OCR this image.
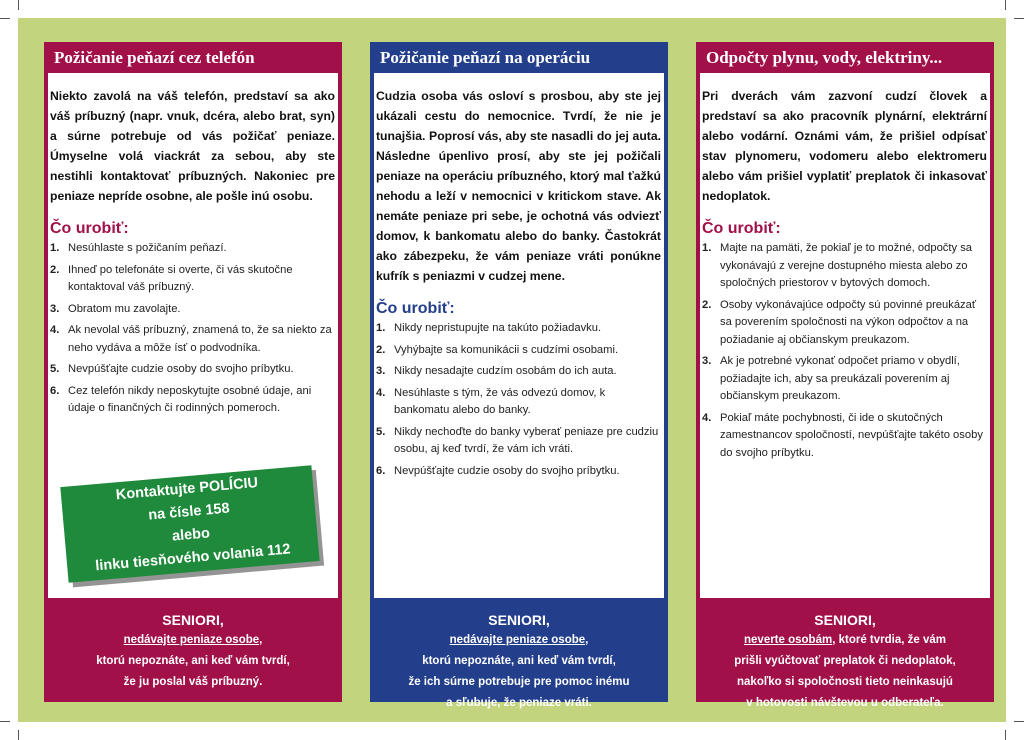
Požičanie peňazí cez telefón

Niekto zavolá na váš telefón, predstaví sa ako váš príbuzný (napr. vnuk, dcéra, alebo brat, syn) a súrne potrebuje od vás požičať peniaze. Úmyselne volá viackrát za sebou, aby ste nestihli kontaktovať príbuzných. Nakoniec pre peniaze nepríde osobne, ale pošle inú osobu.

Čo urobiť:
1. Nesúhlaste s požičaním peňazí.
2. Ihneď po telefonáte si overte, či vás skutočne kontaktoval váš príbuzný.
3. Obratom mu zavolajte.
4. Ak nevolal váš príbuzný, znamená to, že sa niekto za neho vydáva a môže ísť o podvodníka.
5. Nevpúšťajte cudzie osoby do svojho príbytku.
6. Cez telefón nikdy neposkytujte osobné údaje, ani údaje o finančných či rodinných pomeroch.
Kontaktujte POLÍCIU
na čísle 158
alebo
linku tiesňového volania 112
SENIORI,
nedávajte peniaze osobe,
ktorú nepoznáte, ani keď vám tvrdí,
že ju poslal váš príbuzný.
Požičanie peňazí na operáciu

Cudzia osoba vás osloví s prosbou, aby ste jej ukázali cestu do nemocnice. Tvrdí, že nie je tunajšia. Poprosí vás, aby ste nasadli do jej auta. Následne úpenlivo prosí, aby ste jej požičali peniaze na operáciu príbuzného, ktorý mal ťažkú nehodu a leží v nemocnici v kritickom stave. Ak nemáte peniaze pri sebe, je ochotná vás odviezť domov, k bankomatu alebo do banky. Častokrát ako zábezpeku, že vám peniaze vráti ponúkne kufrík s peniazmi v cudzej mene.

Čo urobiť:
1. Nikdy nepristupujte na takúto požiadavku.
2. Vyhýbajte sa komunikácii s cudzími osobami.
3. Nikdy nesadajte cudzím osobám do ich auta.
4. Nesúhlaste s tým, že vás odvezú domov, k bankomatu alebo do banky.
5. Nikdy nechoďte do banky vyberať peniaze pre cudziu osobu, aj keď tvrdí, že vám ich vráti.
6. Nevpúšťajte cudzie osoby do svojho príbytku.
SENIORI,
nedávajte peniaze osobe,
ktorú nepoznáte, ani keď vám tvrdí,
že ich súrne potrebuje pre pomoc inému
a sľubuje, že peniaze vráti.
Odpočty plynu, vody, elektriny...

Pri dverách vám zazvoní cudzí človek a predstaví sa ako pracovník plynární, elektrární alebo vodární. Oznámi vám, že prišiel odpísať stav plynomeru, vodomeru alebo elektromeru alebo vám prišiel vyplatiť preplatok či inkasovať nedoplatok.

Čo urobiť:
1. Majte na pamäti, že pokiaľ je to možné, odpočty sa vykonávajú z verejne dostupného miesta alebo zo spoločných priestorov v bytových domoch.
2. Osoby vykonávajúce odpočty sú povinné preukázať sa poverením spoločnosti na výkon odpočtov a na požiadanie aj občianskym preukazom.
3. Ak je potrebné vykonať odpočet priamo v obydlí, požiadajte ich, aby sa preukázali poverením aj občianskym preukazom.
4. Pokiaľ máte pochybnosti, či ide o skutočných zamestnancov spoločností, nevpúšťajte takéto osoby do svojho príbytku.
SENIORI,
neverte osobám, ktoré tvrdia, že vám
prišli vyúčtovať preplatok či nedoplatok,
nakoľko si spoločnosti tieto neinkasujú
v hotovosti návštevou u odberateľa.
